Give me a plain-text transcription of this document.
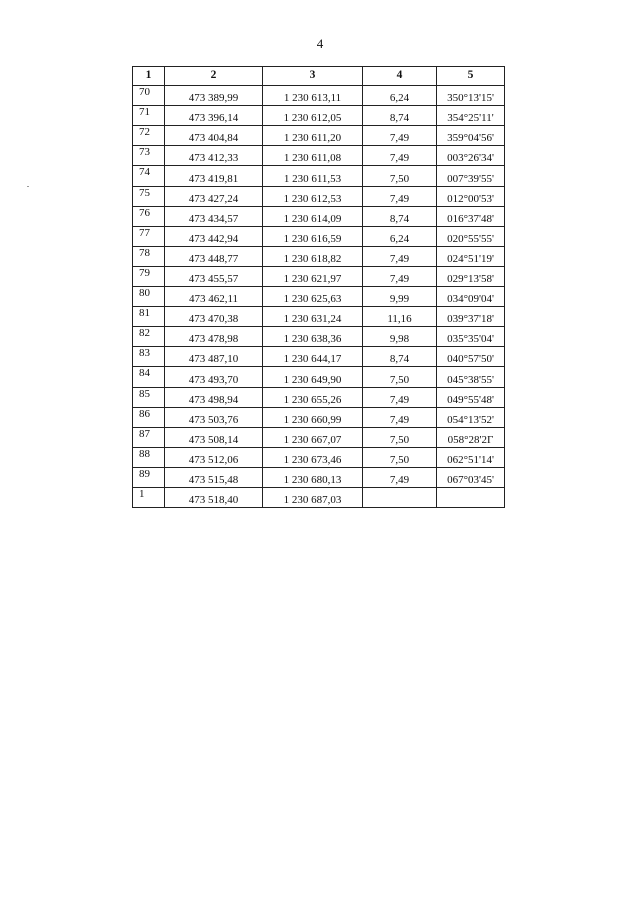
4
1	2	3	4	5
70	473 389,99	1 230 613,11	6,24	350°13'15'
71	473 396,14	1 230 612,05	8,74	354°25'11'
72	473 404,84	1 230 611,20	7,49	359°04'56'
73	473 412,33	1 230 611,08	7,49	003°26'34'
74	473 419,81	1 230 611,53	7,50	007°39'55'
75	473 427,24	1 230 612,53	7,49	012°00'53'
76	473 434,57	1 230 614,09	8,74	016°37'48'
77	473 442,94	1 230 616,59	6,24	020°55'55'
78	473 448,77	1 230 618,82	7,49	024°51'19'
79	473 455,57	1 230 621,97	7,49	029°13'58'
80	473 462,11	1 230 625,63	9,99	034°09'04'
81	473 470,38	1 230 631,24	11,16	039°37'18'
82	473 478,98	1 230 638,36	9,98	035°35'04'
83	473 487,10	1 230 644,17	8,74	040°57'50'
84	473 493,70	1 230 649,90	7,50	045°38'55'
85	473 498,94	1 230 655,26	7,49	049°55'48'
86	473 503,76	1 230 660,99	7,49	054°13'52'
87	473 508,14	1 230 667,07	7,50	058°28'2Г
88	473 512,06	1 230 673,46	7,50	062°51'14'
89	473 515,48	1 230 680,13	7,49	067°03'45'
1	473 518,40	1 230 687,03		
